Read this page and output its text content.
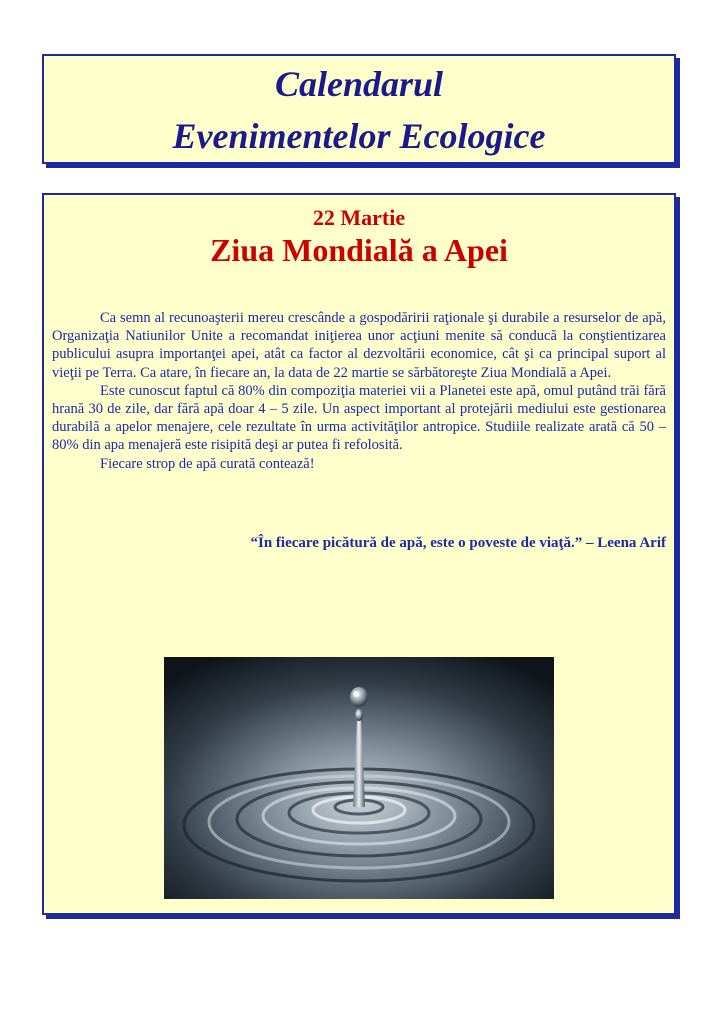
Calendarul
Evenimentelor Ecologice
22 Martie
Ziua Mondială a Apei

Ca semn al recunoaşterii mereu crescânde a gospodăririi raţionale şi durabile a resurselor de apă, Organizaţia Natiunilor Unite a recomandat iniţierea unor acţiuni menite să conducă la conştientizarea publicului asupra importanţei apei, atât ca factor al dezvoltării economice, cât şi ca principal suport al vieţii pe Terra. Ca atare, în fiecare an, la data de 22 martie se sărbătoreşte Ziua Mondială a Apei.

Este cunoscut faptul că 80% din compoziţia materiei vii a Planetei este apă, omul putând trăi fără hrană 30 de zile, dar fără apă doar 4 – 5 zile. Un aspect important al protejării mediului este gestionarea durabilă a apelor menajere, cele rezultate în urma activităţilor antropice. Studiile realizate arată că 50 – 80% din apa menajeră este risipită deşi ar putea fi refolosită.

Fiecare strop de apă curată contează!

“În fiecare picătură de apă, este o poveste de viaţă.” – Leena Arif
